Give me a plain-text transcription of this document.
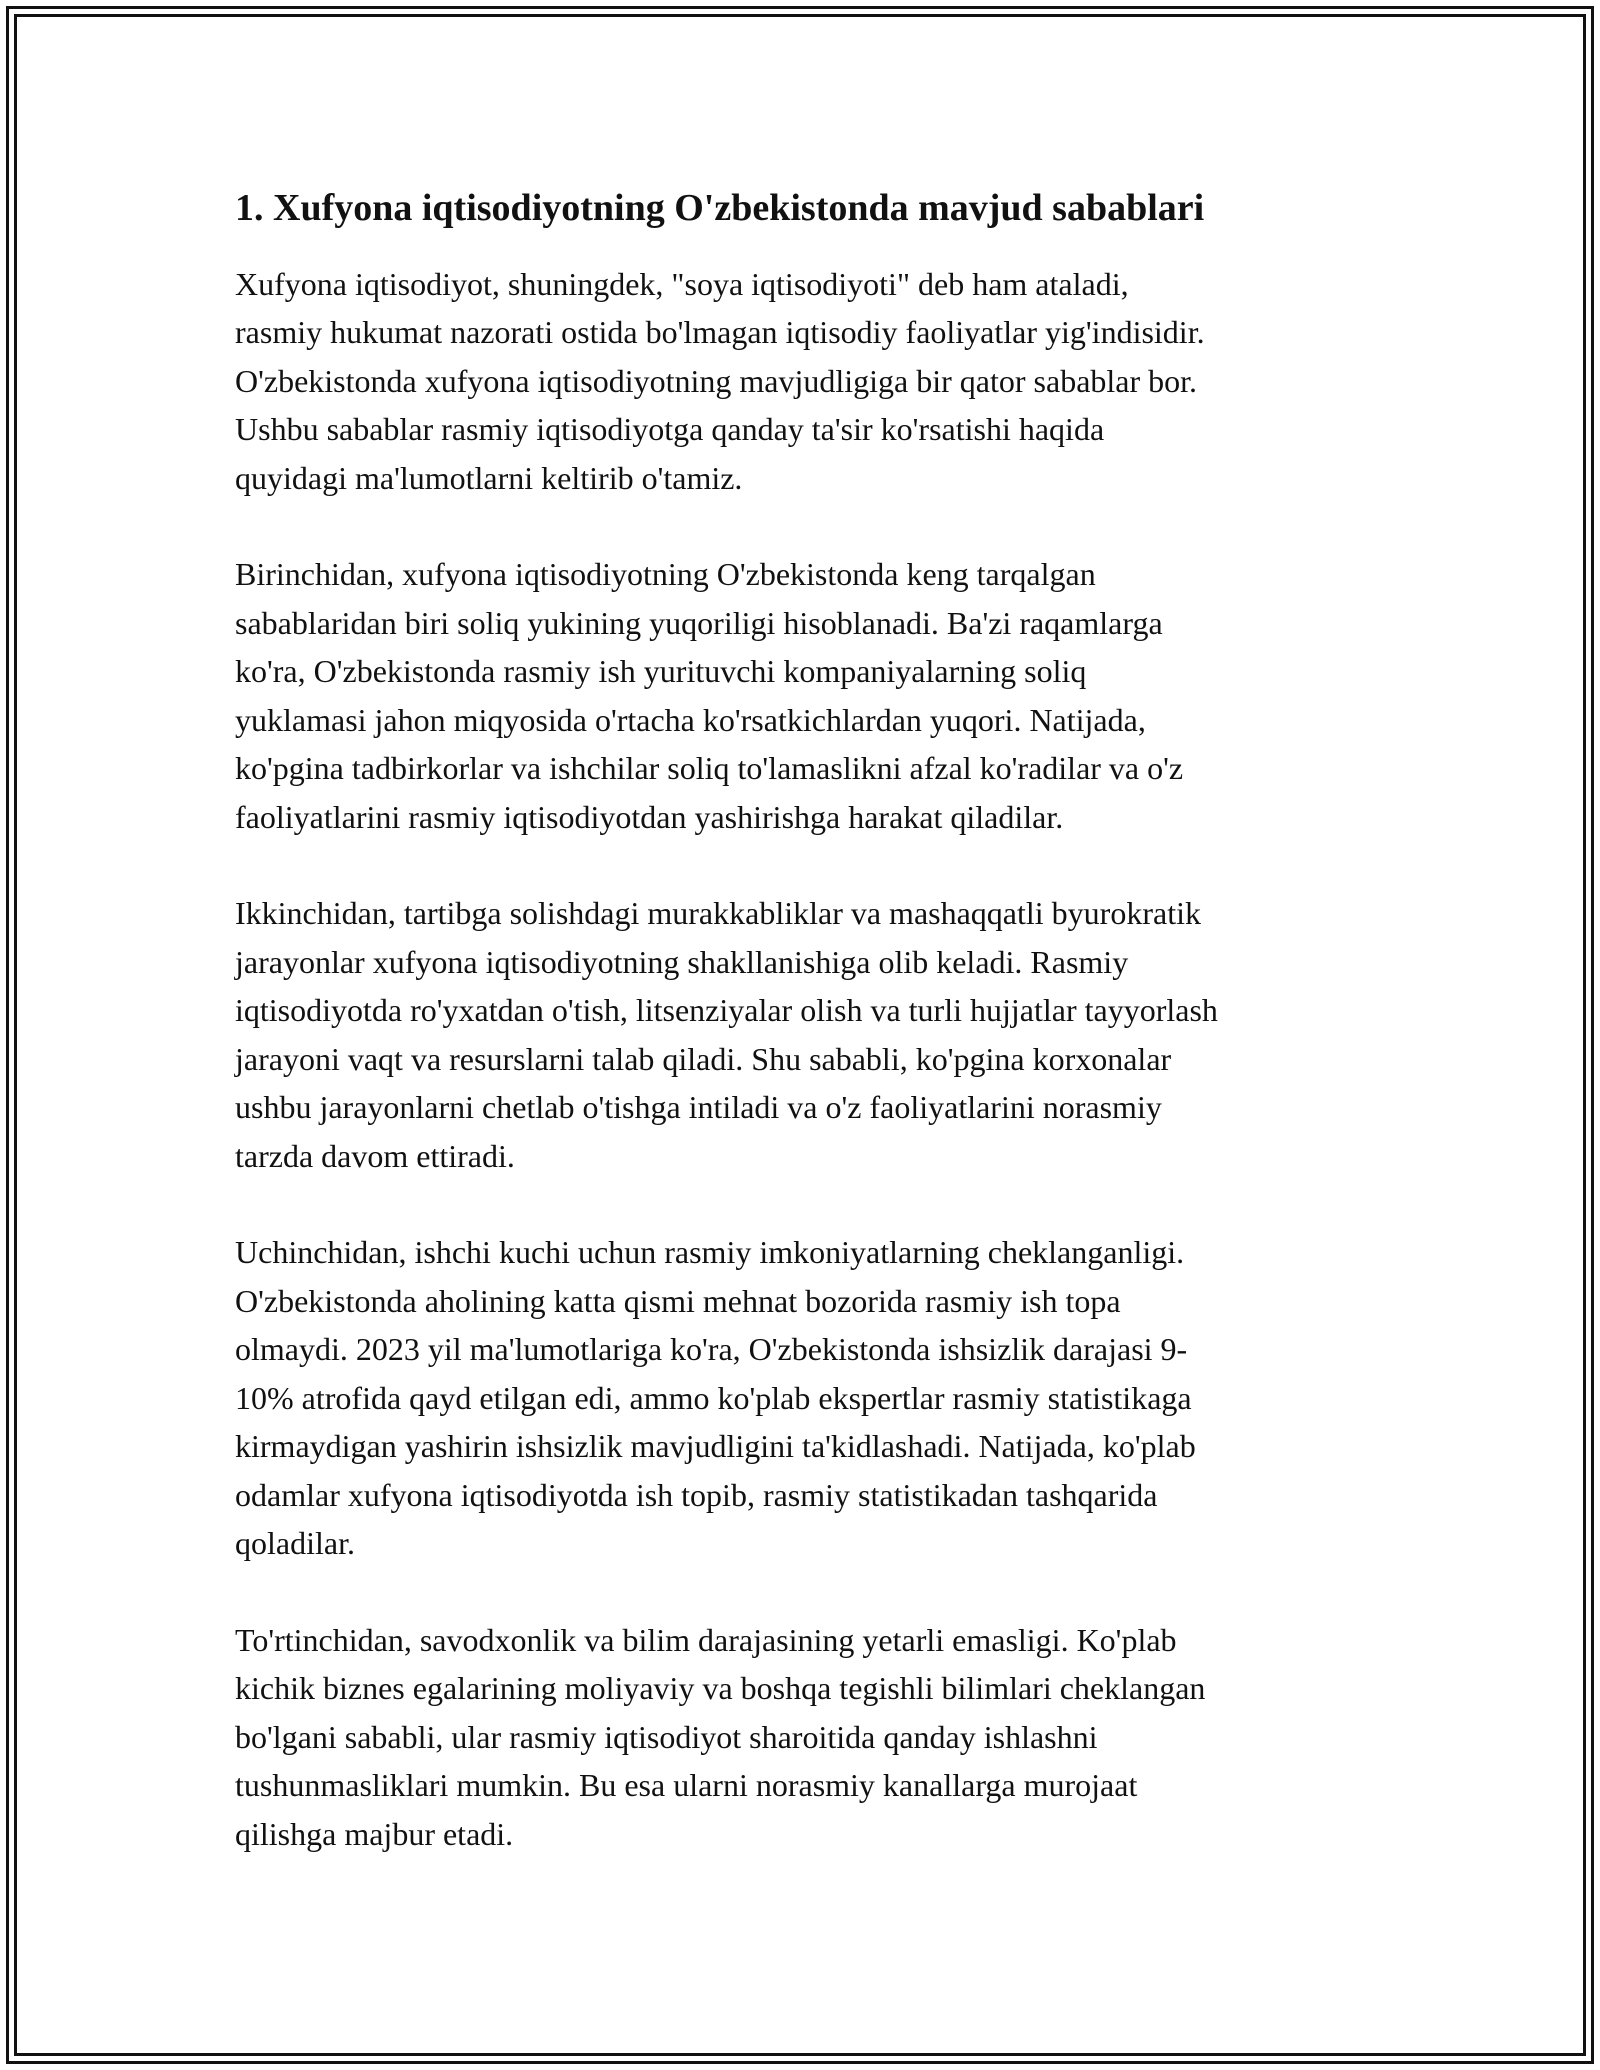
1. Xufyona iqtisodiyotning O'zbekistonda mavjud sabablari

Xufyona iqtisodiyot, shuningdek, "soya iqtisodiyoti" deb ham ataladi,
rasmiy hukumat nazorati ostida bo'lmagan iqtisodiy faoliyatlar yig'indisidir.
O'zbekistonda xufyona iqtisodiyotning mavjudligiga bir qator sabablar bor.
Ushbu sabablar rasmiy iqtisodiyotga qanday ta'sir ko'rsatishi haqida
quyidagi ma'lumotlarni keltirib o'tamiz.

Birinchidan, xufyona iqtisodiyotning O'zbekistonda keng tarqalgan
sabablaridan biri soliq yukining yuqoriligi hisoblanadi. Ba'zi raqamlarga
ko'ra, O'zbekistonda rasmiy ish yurituvchi kompaniyalarning soliq
yuklamasi jahon miqyosida o'rtacha ko'rsatkichlardan yuqori. Natijada,
ko'pgina tadbirkorlar va ishchilar soliq to'lamaslikni afzal ko'radilar va o'z
faoliyatlarini rasmiy iqtisodiyotdan yashirishga harakat qiladilar.

Ikkinchidan, tartibga solishdagi murakkabliklar va mashaqqatli byurokratik
jarayonlar xufyona iqtisodiyotning shakllanishiga olib keladi. Rasmiy
iqtisodiyotda ro'yxatdan o'tish, litsenziyalar olish va turli hujjatlar tayyorlash
jarayoni vaqt va resurslarni talab qiladi. Shu sababli, ko'pgina korxonalar
ushbu jarayonlarni chetlab o'tishga intiladi va o'z faoliyatlarini norasmiy
tarzda davom ettiradi.

Uchinchidan, ishchi kuchi uchun rasmiy imkoniyatlarning cheklanganligi.
O'zbekistonda aholining katta qismi mehnat bozorida rasmiy ish topa
olmaydi. 2023 yil ma'lumotlariga ko'ra, O'zbekistonda ishsizlik darajasi 9-
10% atrofida qayd etilgan edi, ammo ko'plab ekspertlar rasmiy statistikaga
kirmaydigan yashirin ishsizlik mavjudligini ta'kidlashadi. Natijada, ko'plab
odamlar xufyona iqtisodiyotda ish topib, rasmiy statistikadan tashqarida
qoladilar.

To'rtinchidan, savodxonlik va bilim darajasining yetarli emasligi. Ko'plab
kichik biznes egalarining moliyaviy va boshqa tegishli bilimlari cheklangan
bo'lgani sababli, ular rasmiy iqtisodiyot sharoitida qanday ishlashni
tushunmasliklari mumkin. Bu esa ularni norasmiy kanallarga murojaat
qilishga majbur etadi.
